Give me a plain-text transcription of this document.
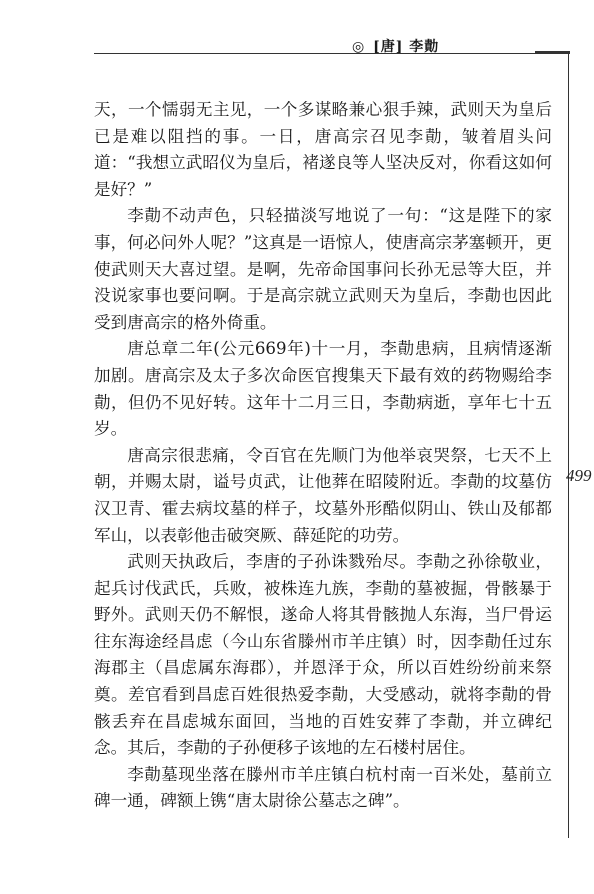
◎ [唐] 李勣
499

天，一个懦弱无主见，一个多谋略兼心狠手辣，武则天为皇后已是难以阻挡的事。一日，唐高宗召见李勣，皱着眉头问道：“我想立武昭仪为皇后，褚遂良等人坚决反对，你看这如何是好？”

李勣不动声色，只轻描淡写地说了一句：“这是陛下的家事，何必问外人呢？”这真是一语惊人，使唐高宗茅塞顿开，更使武则天大喜过望。是啊，先帝命国事问长孙无忌等大臣，并没说家事也要问啊。于是高宗就立武则天为皇后，李勣也因此受到唐高宗的格外倚重。

唐总章二年(公元669年)十一月，李勣患病，且病情逐渐加剧。唐高宗及太子多次命医官搜集天下最有效的药物赐给李勣，但仍不见好转。这年十二月三日，李勣病逝，享年七十五岁。

唐高宗很悲痛，令百官在先顺门为他举哀哭祭，七天不上朝，并赐太尉，谥号贞武，让他葬在昭陵附近。李勣的坟墓仿汉卫青、霍去病坟墓的样子，坟墓外形酷似阴山、铁山及郁都军山，以表彰他击破突厥、薛延陀的功劳。

武则天执政后，李唐的子孙诛戮殆尽。李勣之孙徐敬业，起兵讨伐武氏，兵败，被株连九族，李勣的墓被掘，骨骸暴于野外。武则天仍不解恨，遂命人将其骨骸抛人东海，当尸骨运往东海途经昌虑（今山东省滕州市羊庄镇）时，因李勣任过东海郡主（昌虑属东海郡），并恩泽于众，所以百姓纷纷前来祭奠。差官看到昌虑百姓很热爱李勣，大受感动，就将李勣的骨骸丢弃在昌虑城东面回，当地的百姓安葬了李勣，并立碑纪念。其后，李勣的子孙便移子该地的左石楼村居住。

李勣墓现坐落在滕州市羊庄镇白杭村南一百米处，墓前立碑一通，碑额上镌“唐太尉徐公墓志之碑”。
